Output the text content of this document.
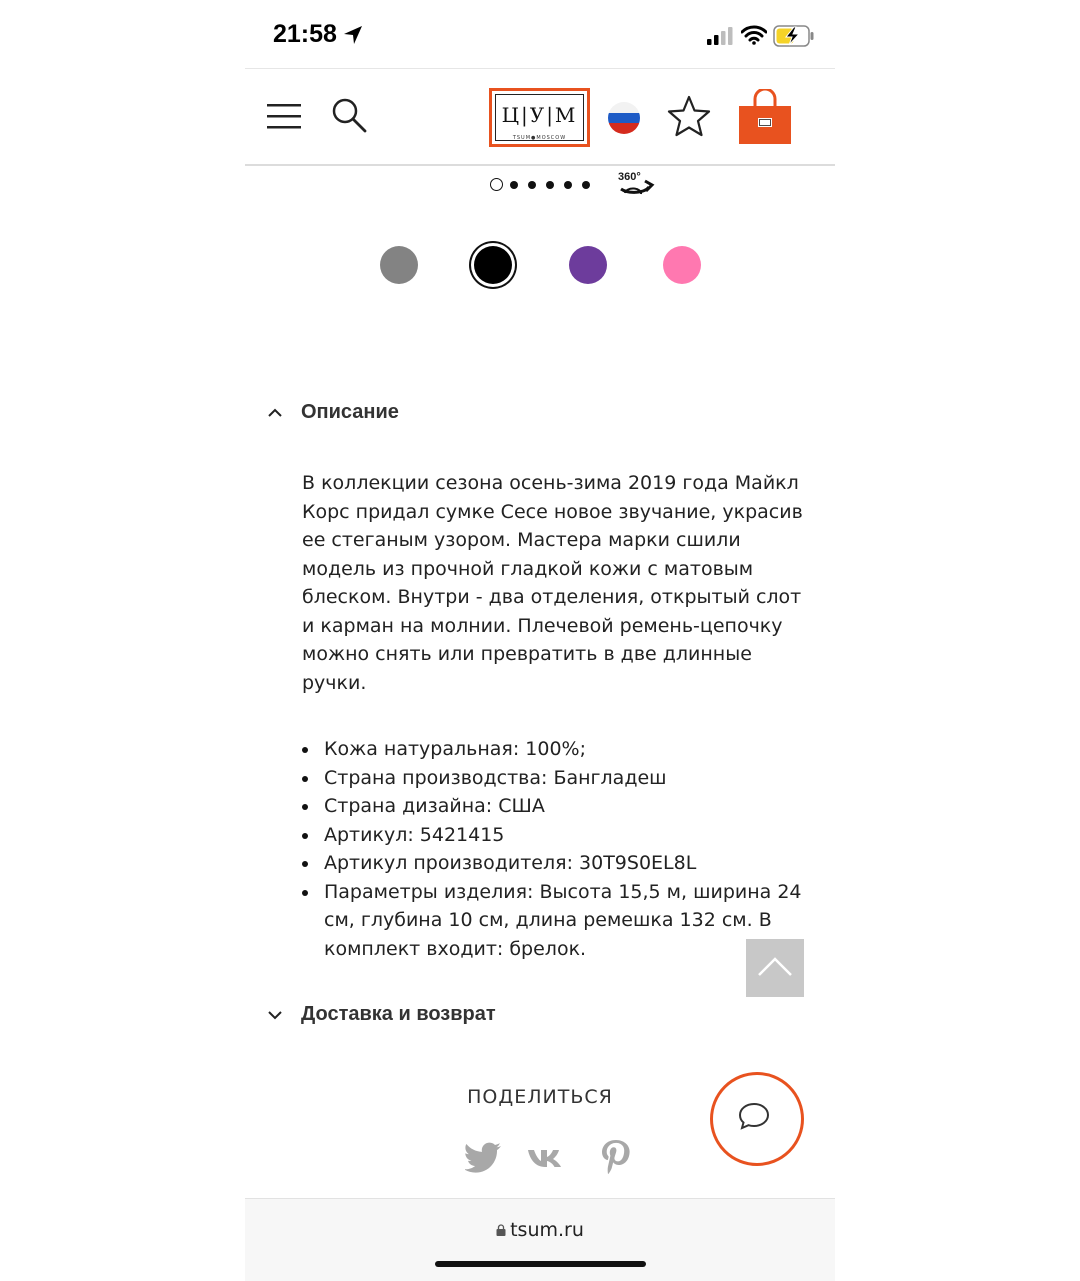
21:58
Ц|У|М
TSUM●MOSCOW
360°
Описание
В коллекции сезона осень-зима 2019 года Майкл Корс придал сумке Cece новое звучание, украсив ее стеганым узором. Мастера марки сшили модель из прочной гладкой кожи с матовым блеском. Внутри - два отделения, открытый слот и карман на молнии. Плечевой ремень-цепочку можно снять или превратить в две длинные ручки.
Кожа натуральная: 100%;
Страна производства: Бангладеш
Страна дизайна: США
Артикул: 5421415
Артикул производителя: 30T9S0EL8L
Параметры изделия: Высота 15,5 м, ширина 24 см, глубина 10 см, длина ремешка 132 см. В комплект входит: брелок.
Доставка и возврат
ПОДЕЛИТЬСЯ
tsum.ru
